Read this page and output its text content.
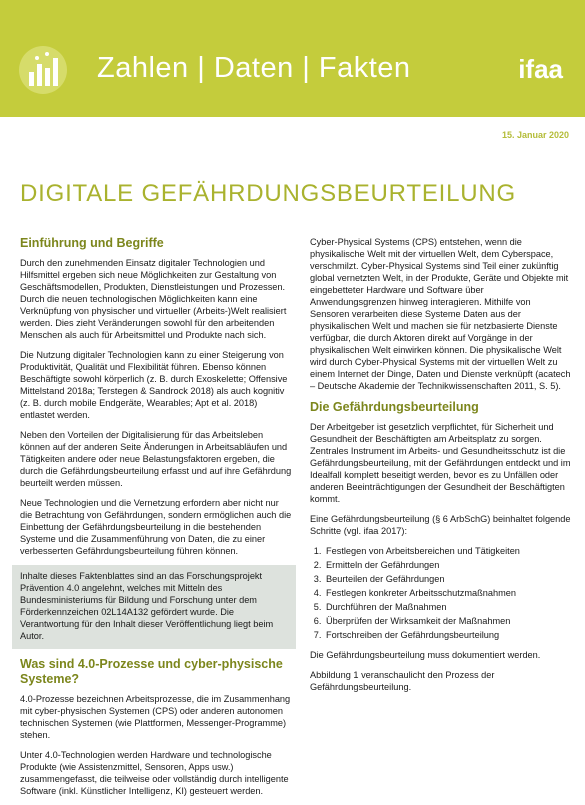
Zahlen | Daten | Fakten	ifaa
15. Januar 2020
DIGITALE GEFÄHRDUNGSBEURTEILUNG
Einführung und Begriffe

Durch den zunehmenden Einsatz digitaler Technologien und Hilfsmittel ergeben sich neue Möglichkeiten zur Gestaltung von Geschäftsmodellen, Produkten, Dienstleistungen und Prozessen. Durch die neuen technologischen Möglichkeiten kann eine Verknüpfung von physischer und virtueller (Arbeits-)Welt realisiert werden. Dies zieht Veränderungen sowohl für den arbeitenden Menschen als auch für Arbeitsmittel und Produkte nach sich.

Die Nutzung digitaler Technologien kann zu einer Steigerung von Produktivität, Qualität und Flexibilität führen. Ebenso können Beschäftigte sowohl körperlich (z. B. durch Exoskelette; Offensive Mittelstand 2018a; Terstegen & Sandrock 2018) als auch kognitiv (z. B. durch mobile Endgeräte, Wearables; Apt et al. 2018) entlastet werden.

Neben den Vorteilen der Digitalisierung für das Arbeitsleben können auf der anderen Seite Änderungen in Arbeitsabläufen und Tätigkeiten andere oder neue Belastungsfaktoren ergeben, die durch die Gefährdungsbeurteilung erfasst und auf ihre Gefährdung beurteilt werden müssen.

Neue Technologien und die Vernetzung erfordern aber nicht nur die Betrachtung von Gefährdungen, sondern ermöglichen auch die Einbettung der Gefährdungsbeurteilung in die bestehenden Systeme und die Zusammenführung von Daten, die zu einer verbesserten Gefährdungsbeurteilung führen können.

Inhalte dieses Faktenblattes sind an das Forschungsprojekt Prävention 4.0 angelehnt, welches mit Mitteln des Bundesministeriums für Bildung und Forschung unter dem Förderkennzeichen 02L14A132 gefördert wurde. Die Verantwortung für den Inhalt dieser Veröffentlichung liegt beim Autor.

Was sind 4.0-Prozesse und cyber-physische Systeme?

4.0-Prozesse bezeichnen Arbeitsprozesse, die im Zusammenhang mit cyber-physischen Systemen (CPS) oder anderen autonomen technischen Systemen (wie Plattformen, Messenger-Programme) stehen.

Unter 4.0-Technologien werden Hardware und technologische Produkte (wie Assistenzmittel, Sensoren, Apps usw.) zusammengefasst, die teilweise oder vollständig durch intelligente Software (inkl. Künstlicher Intelligenz, KI) gesteuert werden.

Cyber-Physical Systems (CPS) entstehen, wenn die physikalische Welt mit der virtuellen Welt, dem Cyberspace, verschmilzt. Cyber-Physical Systems sind Teil einer zukünftig global vernetzten Welt, in der Produkte, Geräte und Objekte mit eingebetteter Hardware und Software über Anwendungsgrenzen hinweg interagieren. Mithilfe von Sensoren verarbeiten diese Systeme Daten aus der physikalischen Welt und machen sie für netzbasierte Dienste verfügbar, die durch Aktoren direkt auf Vorgänge in der physikalischen Welt einwirken können. Die physikalische Welt wird durch Cyber-Physical Systems mit der virtuellen Welt zu einem Internet der Dinge, Daten und Dienste verknüpft (acatech – Deutsche Akademie der Technikwissenschaften 2011, S. 5).

Die Gefährdungsbeurteilung

Der Arbeitgeber ist gesetzlich verpflichtet, für Sicherheit und Gesundheit der Beschäftigten am Arbeitsplatz zu sorgen. Zentrales Instrument im Arbeits- und Gesundheitsschutz ist die Gefährdungsbeurteilung, mit der Gefährdungen entdeckt und im Idealfall komplett beseitigt werden, bevor es zu Unfällen oder anderen Beeinträchtigungen der Gesundheit der Beschäftigten kommt.

Eine Gefährdungsbeurteilung (§ 6 ArbSchG) beinhaltet folgende Schritte (vgl. ifaa 2017):

1. Festlegen von Arbeitsbereichen und Tätigkeiten
2. Ermitteln der Gefährdungen
3. Beurteilen der Gefährdungen
4. Festlegen konkreter Arbeitsschutzmaßnahmen
5. Durchführen der Maßnahmen
6. Überprüfen der Wirksamkeit der Maßnahmen
7. Fortschreiben der Gefährdungsbeurteilung

Die Gefährdungsbeurteilung muss dokumentiert werden.

Abbildung 1 veranschaulicht den Prozess der Gefährdungsbeurteilung.
